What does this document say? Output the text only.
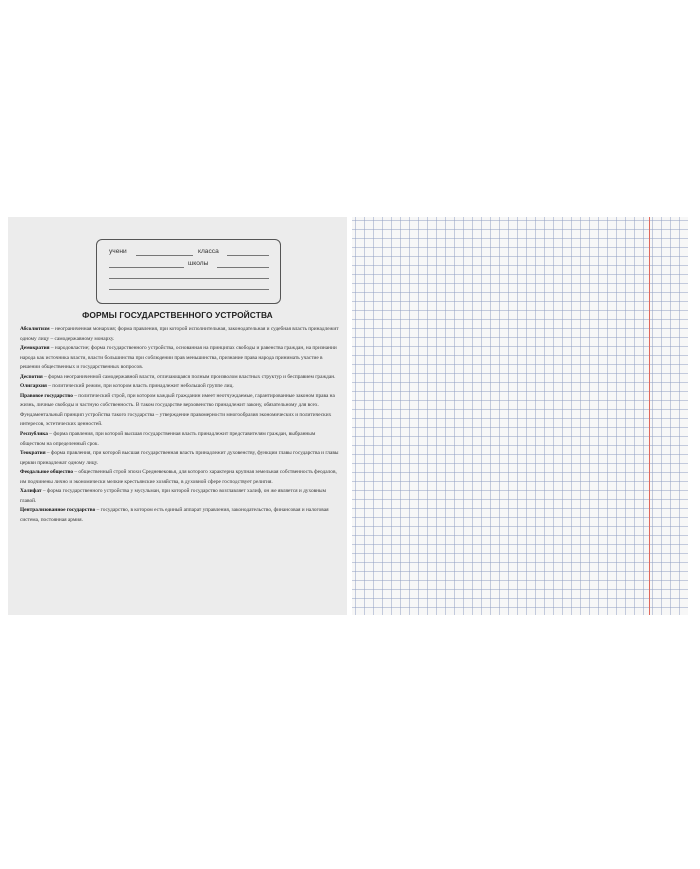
учени	класса
школы
ФОРМЫ ГОСУДАРСТВЕННОГО УСТРОЙСТВА

Абсолютизм – неограниченная монархия; форма правления, при которой исполнительная, законодательная и судебная власть принадлежит одному лицу – самодержавному монарху.

Демократия – народовластие; форма государственного устройства, основанная на принципах свободы и равенства граждан, на признании народа как источника власти, власти большинства при соблюдении прав меньшинства, признание права народа принимать участие в решении общественных и государственных вопросов.

Деспотия – форма неограниченной самодержавной власти, отличающаяся полным произволом властных структур и бесправием граждан.

Олигархия – политический режим, при котором власть принадлежит небольшой группе лиц.

Правовое государство – политический строй, при котором каждый гражданин имеет неотчуждаемые, гарантированные законом права на жизнь, личные свободы и частную собственность. В таком государстве верховенство принадлежит закону, обязательному для всех. Фундаментальный принцип устройства такого государства – утверждение правомерности многообразия экономических и политических интересов, эстетических ценностей.

Республика – форма правления, при которой высшая государственная власть принадлежит представителям граждан, выбранным обществом на определенный срок.

Теократия – форма правления, при которой высшая государственная власть принадлежит духовенству, функции главы государства и главы церкви принадлежат одному лицу.

Феодальное общество – общественный строй эпохи Средневековья, для которого характерна крупная земельная собственность феодалов, им подчинены лично и экономически мелкие крестьянские хозяйства, в духовной сфере господствует религия.

Халифат – форма государственного устройства у мусульман, при которой государство возглавляет халиф, он же является и духовным главой.

Централизованное государство – государство, в котором есть единый аппарат управления, законодательство, финансовая и налоговая система, постоянная армия.
